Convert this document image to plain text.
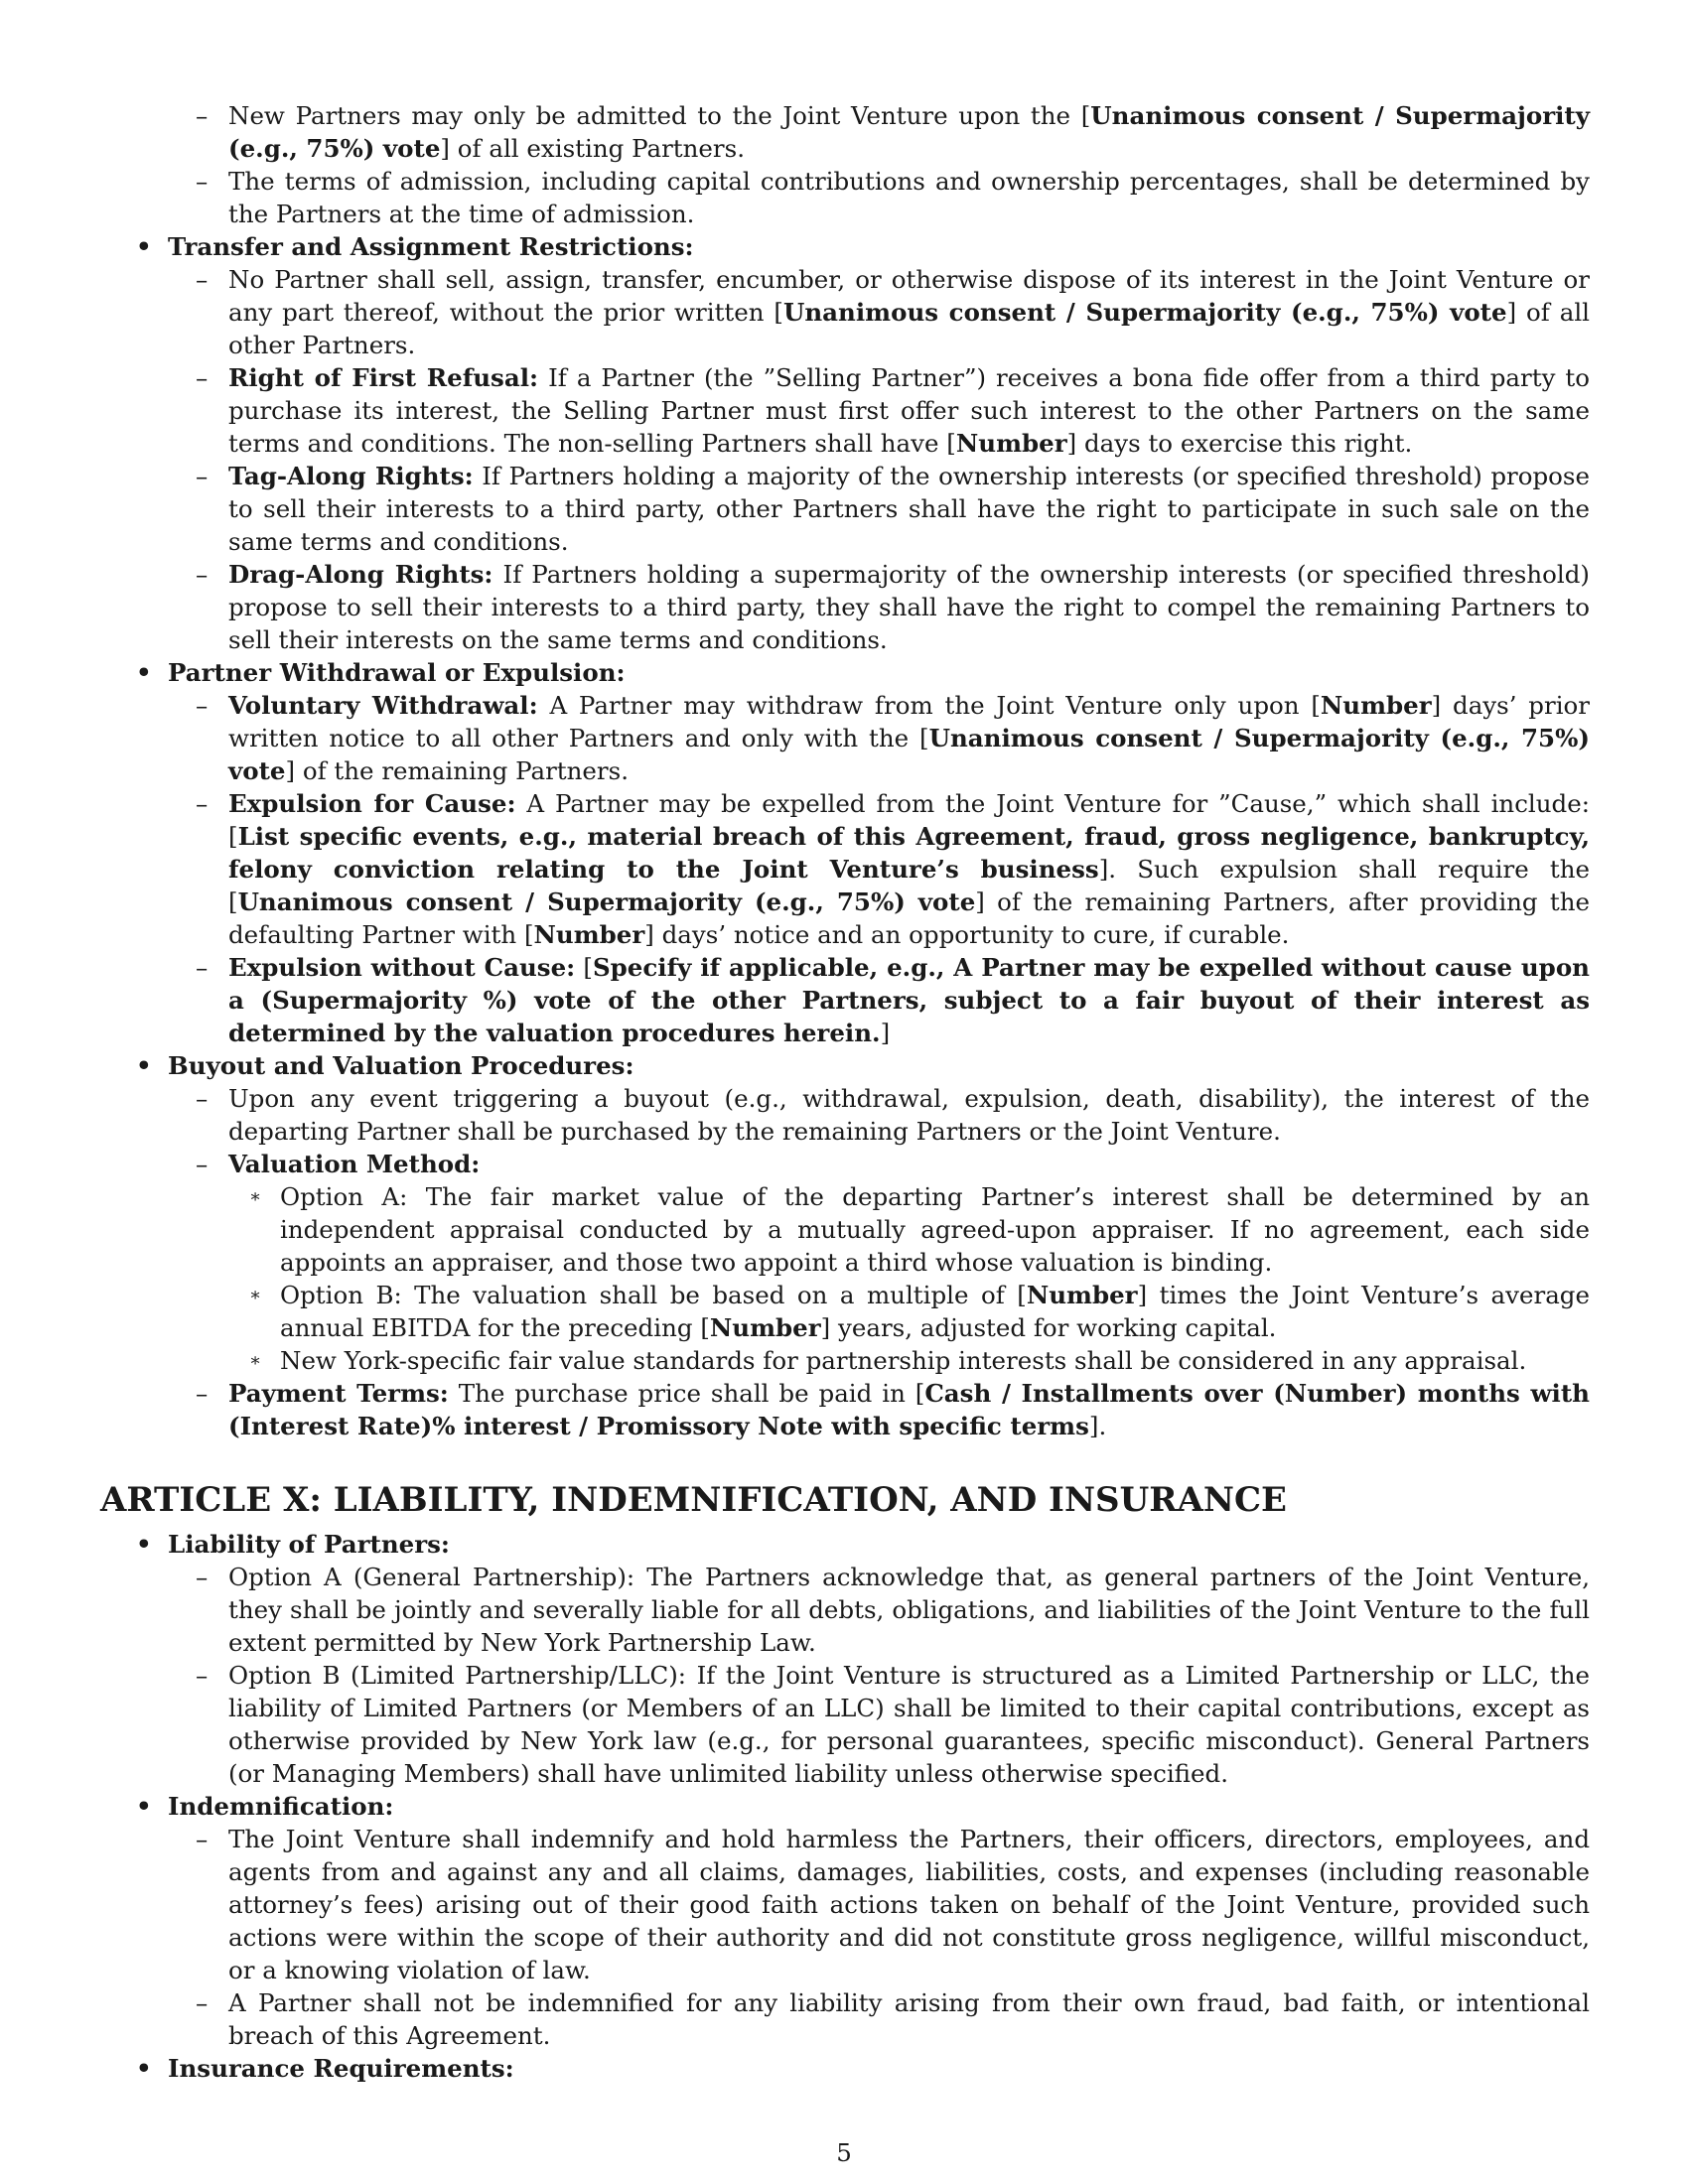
– New Partners may only be admitted to the Joint Venture upon the [Unanimous consent / Supermajority (e.g., 75%) vote] of all existing Partners.
– The terms of admission, including capital contributions and ownership percentages, shall be determined by the Partners at the time of admission.
• Transfer and Assignment Restrictions:
– No Partner shall sell, assign, transfer, encumber, or otherwise dispose of its interest in the Joint Venture or any part thereof, without the prior written [Unanimous consent / Supermajority (e.g., 75%) vote] of all other Partners.
– Right of First Refusal: If a Partner (the ”Selling Partner”) receives a bona fide offer from a third party to purchase its interest, the Selling Partner must first offer such interest to the other Partners on the same terms and conditions. The non-selling Partners shall have [Number] days to exercise this right.
– Tag-Along Rights: If Partners holding a majority of the ownership interests (or specified threshold) propose to sell their interests to a third party, other Partners shall have the right to participate in such sale on the same terms and conditions.
– Drag-Along Rights: If Partners holding a supermajority of the ownership interests (or specified threshold) propose to sell their interests to a third party, they shall have the right to compel the remaining Partners to sell their interests on the same terms and conditions.
• Partner Withdrawal or Expulsion:
– Voluntary Withdrawal: A Partner may withdraw from the Joint Venture only upon [Number] days’ prior written notice to all other Partners and only with the [Unanimous consent / Supermajority (e.g., 75%) vote] of the remaining Partners.
– Expulsion for Cause: A Partner may be expelled from the Joint Venture for ”Cause,” which shall include: [List specific events, e.g., material breach of this Agreement, fraud, gross negligence, bankruptcy, felony conviction relating to the Joint Venture’s business]. Such expulsion shall require the [Unanimous consent / Supermajority (e.g., 75%) vote] of the remaining Partners, after providing the defaulting Partner with [Number] days’ notice and an opportunity to cure, if curable.
– Expulsion without Cause: [Specify if applicable, e.g., A Partner may be expelled without cause upon a (Supermajority %) vote of the other Partners, subject to a fair buyout of their interest as determined by the valuation procedures herein.]
• Buyout and Valuation Procedures:
– Upon any event triggering a buyout (e.g., withdrawal, expulsion, death, disability), the interest of the departing Partner shall be purchased by the remaining Partners or the Joint Venture.
– Valuation Method:
∗ Option A: The fair market value of the departing Partner’s interest shall be determined by an independent appraisal conducted by a mutually agreed-upon appraiser. If no agreement, each side appoints an appraiser, and those two appoint a third whose valuation is binding.
∗ Option B: The valuation shall be based on a multiple of [Number] times the Joint Venture’s average annual EBITDA for the preceding [Number] years, adjusted for working capital.
∗ New York-specific fair value standards for partnership interests shall be considered in any appraisal.
– Payment Terms: The purchase price shall be paid in [Cash / Installments over (Number) months with (Interest Rate)% interest / Promissory Note with specific terms].
ARTICLE X: LIABILITY, INDEMNIFICATION, AND INSURANCE
• Liability of Partners:
– Option A (General Partnership): The Partners acknowledge that, as general partners of the Joint Venture, they shall be jointly and severally liable for all debts, obligations, and liabilities of the Joint Venture to the full extent permitted by New York Partnership Law.
– Option B (Limited Partnership/LLC): If the Joint Venture is structured as a Limited Partnership or LLC, the liability of Limited Partners (or Members of an LLC) shall be limited to their capital contributions, except as otherwise provided by New York law (e.g., for personal guarantees, specific misconduct). General Partners (or Managing Members) shall have unlimited liability unless otherwise specified.
• Indemnification:
– The Joint Venture shall indemnify and hold harmless the Partners, their officers, directors, employees, and agents from and against any and all claims, damages, liabilities, costs, and expenses (including reasonable attorney’s fees) arising out of their good faith actions taken on behalf of the Joint Venture, provided such actions were within the scope of their authority and did not constitute gross negligence, willful misconduct, or a knowing violation of law.
– A Partner shall not be indemnified for any liability arising from their own fraud, bad faith, or intentional breach of this Agreement.
• Insurance Requirements:
5
